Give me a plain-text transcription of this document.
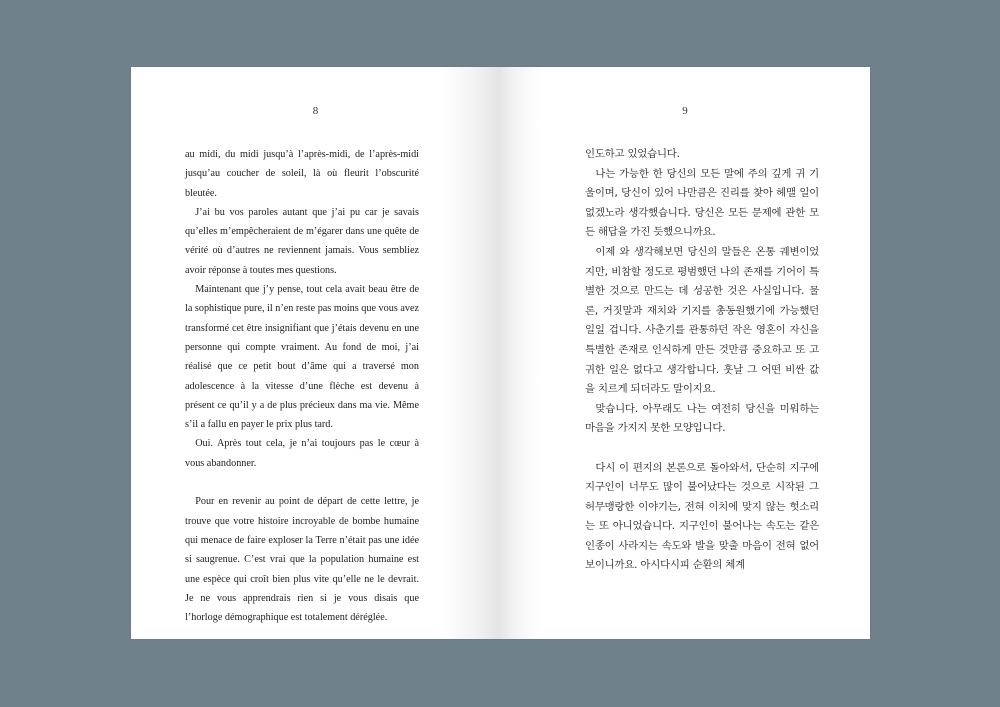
8

au midi, du midi jusqu’à l’après-midi, de l’après-midi jusqu’au coucher de soleil, là où fleurit l’obscurité bleutée.

J’ai bu vos paroles autant que j’ai pu car je savais qu’elles m’empêcheraient de m’égarer dans une quête de vérité où d’autres ne reviennent jamais. Vous sembliez avoir réponse à toutes mes questions.

Maintenant que j’y pense, tout cela avait beau être de la sophistique pure, il n’en reste pas moins que vous avez transformé cet être insignifiant que j’étais devenu en une personne qui compte vraiment. Au fond de moi, j’ai réalisé que ce petit bout d’âme qui a traversé mon adolescence à la vitesse d’une flèche est devenu à présent ce qu’il y a de plus précieux dans ma vie. Même s’il a fallu en payer le prix plus tard.

Oui. Après tout cela, je n’ai toujours pas le cœur à vous abandonner.

Pour en revenir au point de départ de cette lettre, je trouve que votre histoire incroyable de bombe humaine qui menace de faire exploser la Terre n’était pas une idée si saugrenue. C’est vrai que la population humaine est une espèce qui croît bien plus vite qu’elle ne le devrait. Je ne vous apprendrais rien si je vous disais que l’horloge démographique est totalement déréglée.

9

인도하고 있었습니다.

나는 가능한 한 당신의 모든 말에 주의 깊게 귀 기울이며, 당신이 있어 나만큼은 진리를 찾아 헤맬 일이 없겠노라 생각했습니다. 당신은 모든 문제에 관한 모든 해답을 가진 듯했으니까요.

이제 와 생각해보면 당신의 말들은 온통 궤변이었지만, 비참할 정도로 평범했던 나의 존재를 기어이 특별한 것으로 만드는 데 성공한 것은 사실입니다. 물론, 거짓말과 재치와 기지를 총동원했기에 가능했던 일일 겁니다. 사춘기를 관통하던 작은 영혼이 자신을 특별한 존재로 인식하게 만든 것만큼 중요하고 또 고귀한 일은 없다고 생각합니다. 훗날 그 어떤 비싼 값을 치르게 되더라도 말이지요.

맞습니다. 아무래도 나는 여전히 당신을 미워하는 마음을 가지지 못한 모양입니다.

다시 이 편지의 본론으로 돌아와서, 단순히 지구에 지구인이 너무도 많이 불어났다는 것으로 시작된 그 허무맹랑한 이야기는, 전혀 이치에 맞지 않는 헛소리는 또 아니었습니다. 지구인이 불어나는 속도는 같은 인종이 사라지는 속도와 발을 맞출 마음이 전혀 없어 보이니까요. 아시다시피 순환의 체계
